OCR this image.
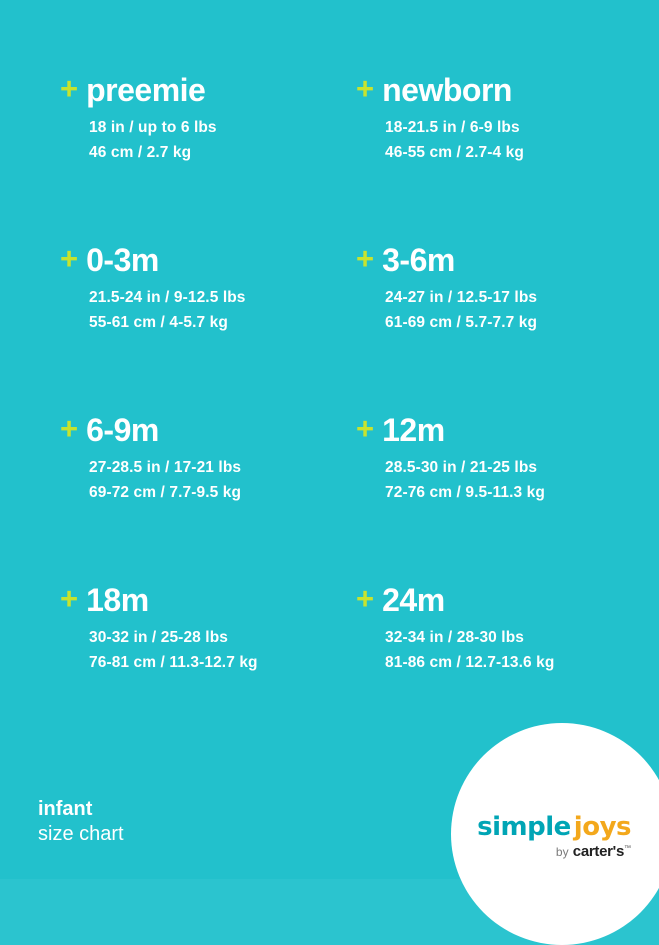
+ preemie
18 in / up to 6 lbs
46 cm / 2.7 kg
+ newborn
18-21.5 in / 6-9 lbs
46-55 cm / 2.7-4 kg
+ 0-3m
21.5-24 in / 9-12.5 lbs
55-61 cm / 4-5.7 kg
+ 3-6m
24-27 in / 12.5-17 lbs
61-69 cm / 5.7-7.7 kg
+ 6-9m
27-28.5 in / 17-21 lbs
69-72 cm / 7.7-9.5 kg
+ 12m
28.5-30 in / 21-25 lbs
72-76 cm / 9.5-11.3 kg
+ 18m
30-32 in / 25-28 lbs
76-81 cm / 11.3-12.7 kg
+ 24m
32-34 in / 28-30 lbs
81-86 cm / 12.7-13.6 kg
infant
size chart	simple joys
by carter's™
